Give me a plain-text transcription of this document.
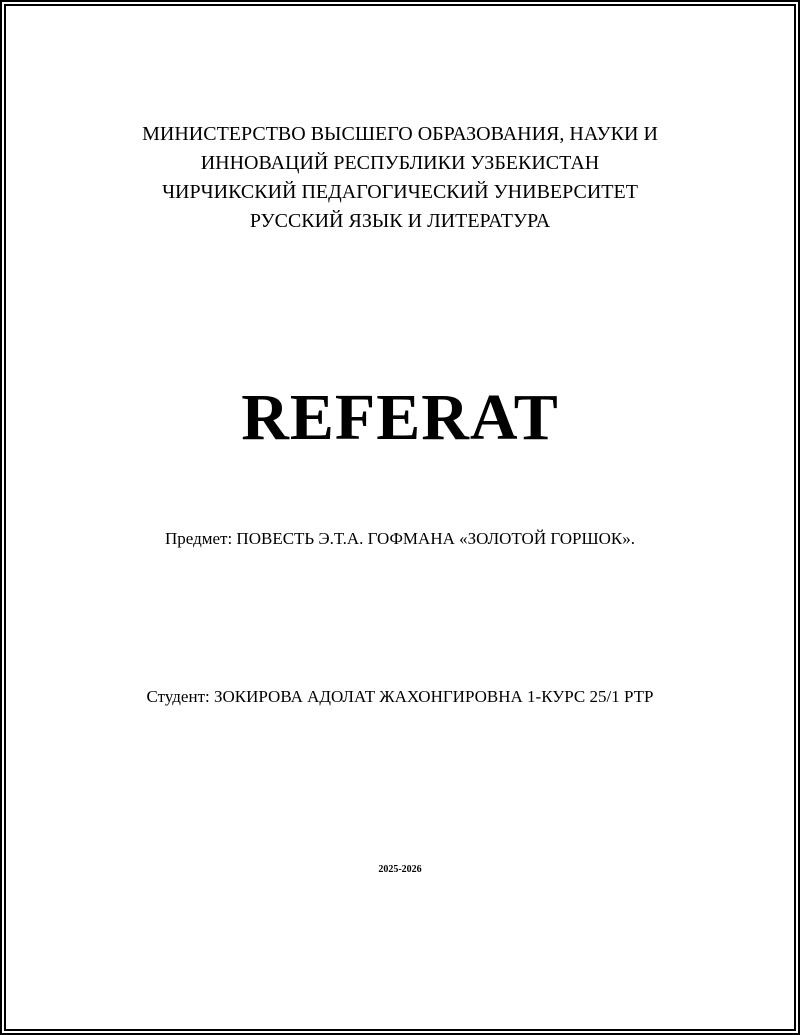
МИНИСТЕРСТВО ВЫСШЕГО ОБРАЗОВАНИЯ, НАУКИ И
ИННОВАЦИЙ РЕСПУБЛИКИ УЗБЕКИСТАН
ЧИРЧИКСКИЙ ПЕДАГОГИЧЕСКИЙ УНИВЕРСИТЕТ
РУССКИЙ ЯЗЫК И ЛИТЕРАТУРА
REFERAT
Предмет: ПОВЕСТЬ Э.Т.А. ГОФМАНА «ЗОЛОТОЙ ГОРШОК».
Студент: ЗОКИРОВА АДОЛАТ ЖАХОНГИРОВНА 1-КУРС 25/1 РТР
2025-2026
